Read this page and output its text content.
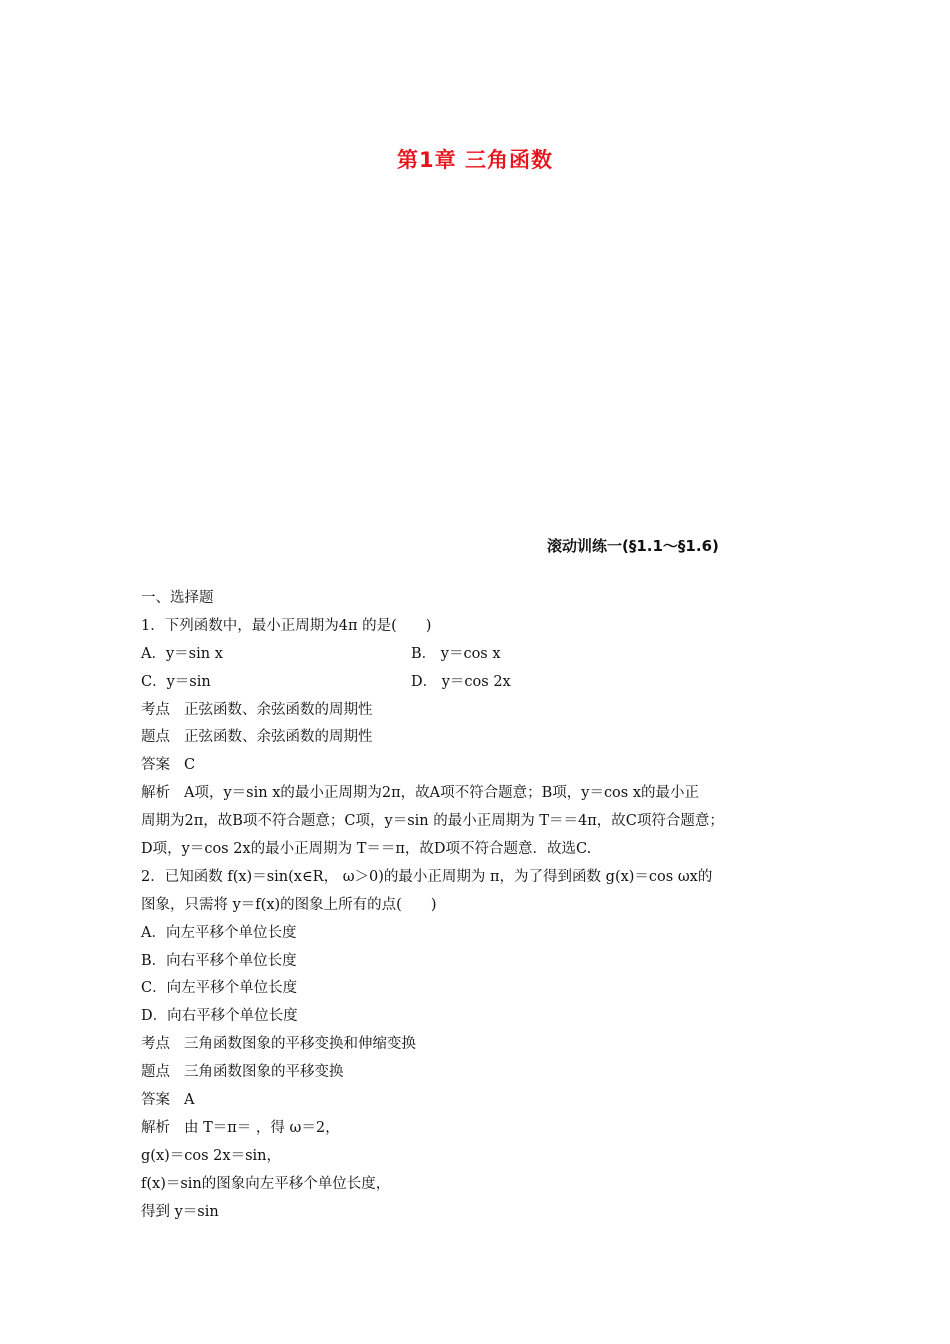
第1章 三角函数
滚动训练一(§1.1～§1.6)
一、选择题
1．下列函数中，最小正周期为4π 的是(　　)
A．y＝sin x	B． y＝cos x
C．y＝sin	D． y＝cos 2x
考点 正弦函数、余弦函数的周期性
题点 正弦函数、余弦函数的周期性
答案 C
解析 A项，y＝sin x的最小正周期为2π，故A项不符合题意；B项，y＝cos x的最小正
周期为2π，故B项不符合题意；C项，y＝sin 的最小正周期为 T＝＝4π，故C项符合题意；
D项，y＝cos 2x的最小正周期为 T＝＝π，故D项不符合题意．故选C.
2．已知函数 f(x)＝sin(x∈R， ω＞0)的最小正周期为 π，为了得到函数 g(x)＝cos ωx的
图象，只需将 y＝f(x)的图象上所有的点(　　)
A．向左平移个单位长度
B．向右平移个单位长度
C．向左平移个单位长度
D．向右平移个单位长度
考点 三角函数图象的平移变换和伸缩变换
题点 三角函数图象的平移变换
答案 A
解析 由 T＝π＝ ，得 ω＝2，
g(x)＝cos 2x＝sin，
f(x)＝sin的图象向左平移个单位长度，
得到 y＝sin
